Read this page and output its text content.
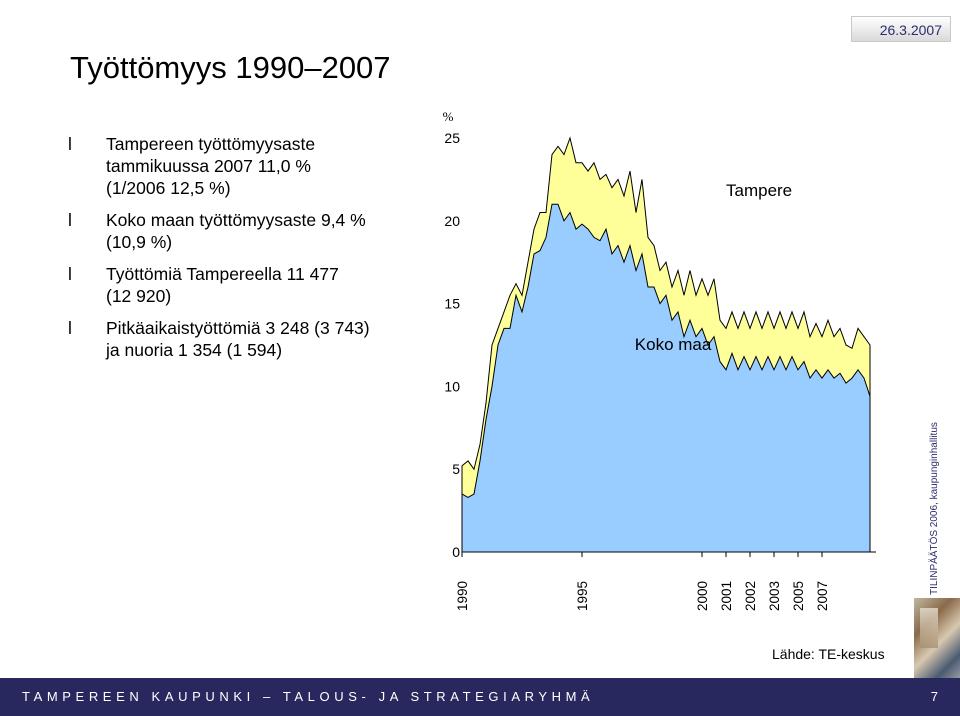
26.3.2007
Työttömyys 1990–2007
l Tampereen työttömyysaste
tammikuussa 2007 11,0 %
(1/2006 12,5 %)
l Koko maan työttömyysaste 9,4 %
(10,9 %)
l Työttömiä Tampereella 11 477
(12 920)
l Pitkäaikaistyöttömiä 3 248 (3 743)
ja nuoria 1 354 (1 594)
0
5
10
15
20
25
%
1990	1995	2000 2001 2002 2003 2005 2007
Tampere
Koko maa
TILINPÄÄTÖS 2006, kaupunginhallitus
Lähde: TE-keskus
TAMPEREEN KAUPUNKI – TALOUS- JA STRATEGIARYHMÄ	7
